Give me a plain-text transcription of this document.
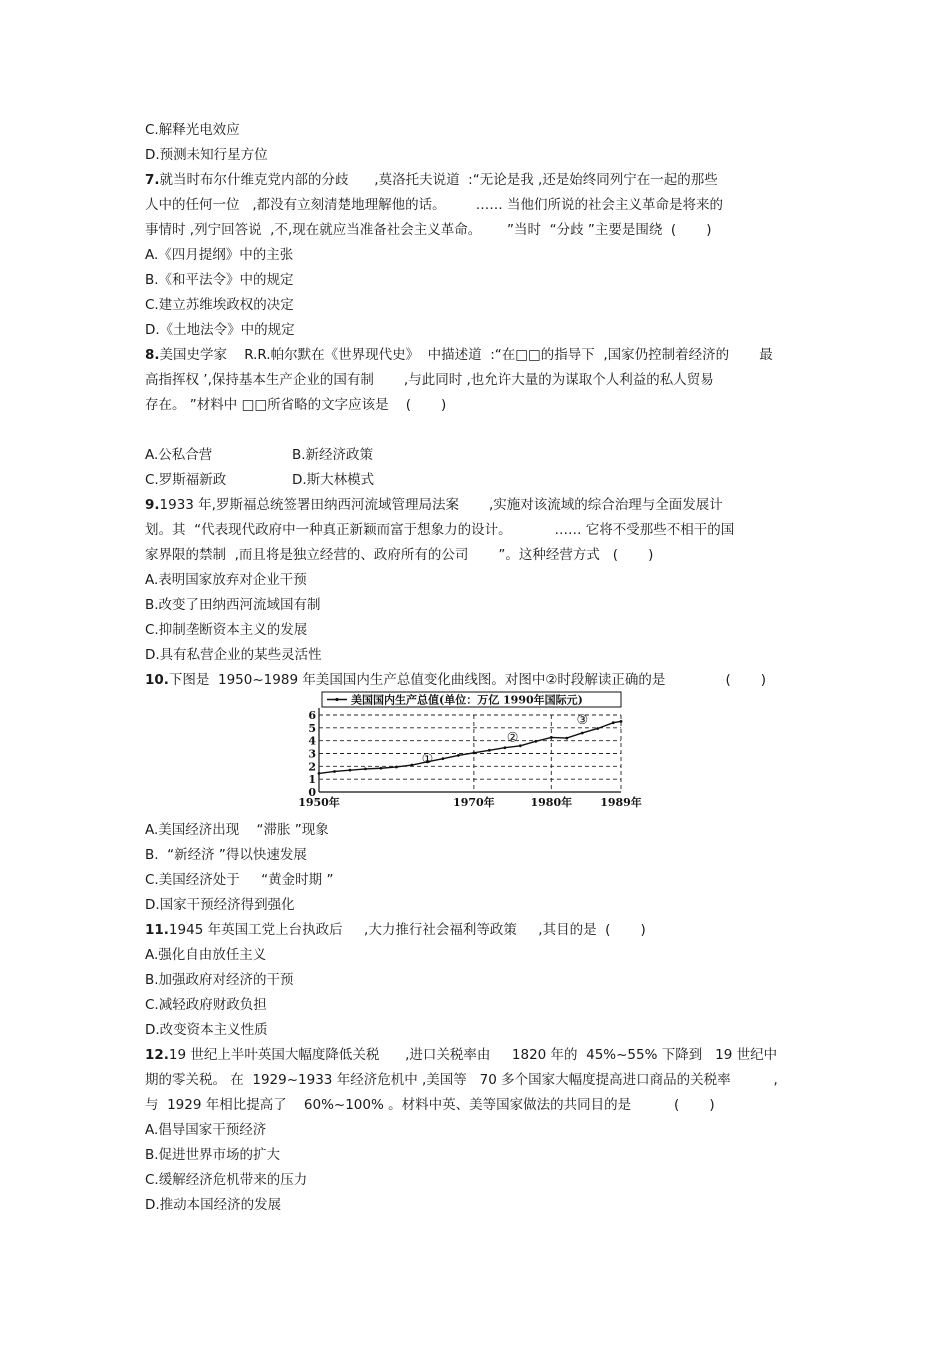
C.解释光电效应
D.预测未知行星方位
7.就当时布尔什维克党内部的分歧      ,莫洛托夫说道  :“无论是我 ,还是始终同列宁在一起的那些
人中的任何一位   ,都没有立刻清楚地理解他的话。       …… 当他们所说的社会主义革命是将来的
事情时 ,列宁回答说  ,不,现在就应当准备社会主义革命。      ”当时  “分歧 ”主要是围绕  (       )
A.《四月提纲》中的主张
B.《和平法令》中的规定
C.建立苏维埃政权的决定
D.《土地法令》中的规定
8.美国史学家    R.R.帕尔默在《世界现代史》  中描述道  :“在□□的指导下  ,国家仍控制着经济的       最
高指挥权 ’,保持基本生产企业的国有制       ,与此同时 ,也允许大量的为谋取个人利益的私人贸易
存在。 ”材料中 □□所省略的文字应该是    (       )
A.公私合营	B.新经济政策
C.罗斯福新政	D.斯大林模式
9.1933 年,罗斯福总统签署田纳西河流域管理局法案       ,实施对该流域的综合治理与全面发展计
划。其  “代表现代政府中一种真正新颖而富于想象力的设计。          …… 它将不受那些不相干的国
家界限的禁制  ,而且将是独立经营的、政府所有的公司       ”。这种经营方式   (       )
A.表明国家放弃对企业干预
B.改变了田纳西河流域国有制
C.抑制垄断资本主义的发展
D.具有私营企业的某些灵活性
10.下图是  1950~1989 年美国国内生产总值变化曲线图。对图中②时段解读正确的是              (       )
0
1
2
3
4
5
6
1950年	1970年	1980年	1989年
①
②
③
美国国内生产总值(单位：万亿 1990年国际元)
A.美国经济出现    “滞胀 ”现象
B.  “新经济 ”得以快速发展
C.美国经济处于     “黄金时期 ”
D.国家干预经济得到强化
11.1945 年英国工党上台执政后     ,大力推行社会福利等政策     ,其目的是  (       )
A.强化自由放任主义
B.加强政府对经济的干预
C.减轻政府财政负担
D.改变资本主义性质
12.19 世纪上半叶英国大幅度降低关税      ,进口关税率由     1820 年的  45%~55% 下降到   19 世纪中
期的零关税。 在  1929~1933 年经济危机中 ,美国等   70 多个国家大幅度提高进口商品的关税率          ,
与  1929 年相比提高了    60%~100% 。材料中英、美等国家做法的共同目的是          (       )
A.倡导国家干预经济
B.促进世界市场的扩大
C.缓解经济危机带来的压力
D.推动本国经济的发展
